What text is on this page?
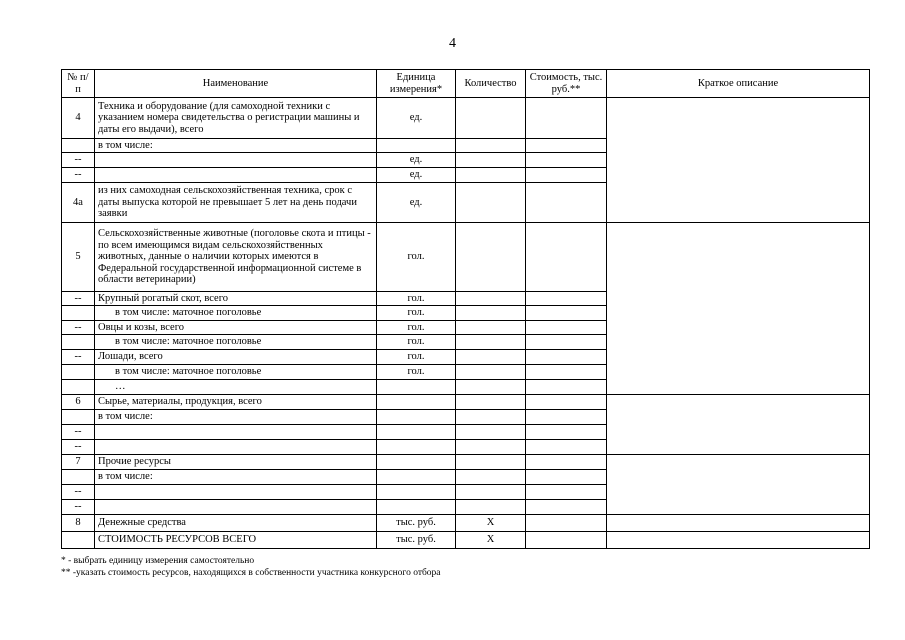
4
№ п/п	Наименование	Единица измерения*	Количество	Стоимость, тыс. руб.**	Краткое описание
4	Техника и оборудование (для самоходной техники с указанием номера свидетельства о регистрации машины и даты его выдачи), всего	ед.			
	в том числе:				
--		ед.			
--		ед.			
4а	из них самоходная сельскохозяйственная техника, срок с даты выпуска которой не превышает 5 лет на день подачи заявки	ед.			
5	Сельскохозяйственные животные (поголовье скота и птицы - по всем имеющимся видам сельскохозяйственных животных, данные о наличии которых имеются в Федеральной государственной информационной системе в области ветеринарии)	гол.			
--	Крупный рогатый скот, всего	гол.			
	в том числе: маточное поголовье	гол.			
--	Овцы и козы, всего	гол.			
	в том числе: маточное поголовье	гол.			
--	Лошади, всего	гол.			
	в том числе: маточное поголовье	гол.			
	…				
6	Сырье, материалы, продукция, всего				
	в том числе:				
--					
--					
7	Прочие ресурсы				
	в том числе:				
--					
--					
8	Денежные средства	тыс. руб.	Х		
	СТОИМОСТЬ РЕСУРСОВ ВСЕГО	тыс. руб.	Х		
* - выбрать единицу измерения самостоятельно
** -указать стоимость ресурсов, находящихся в собственности участника конкурсного отбора
